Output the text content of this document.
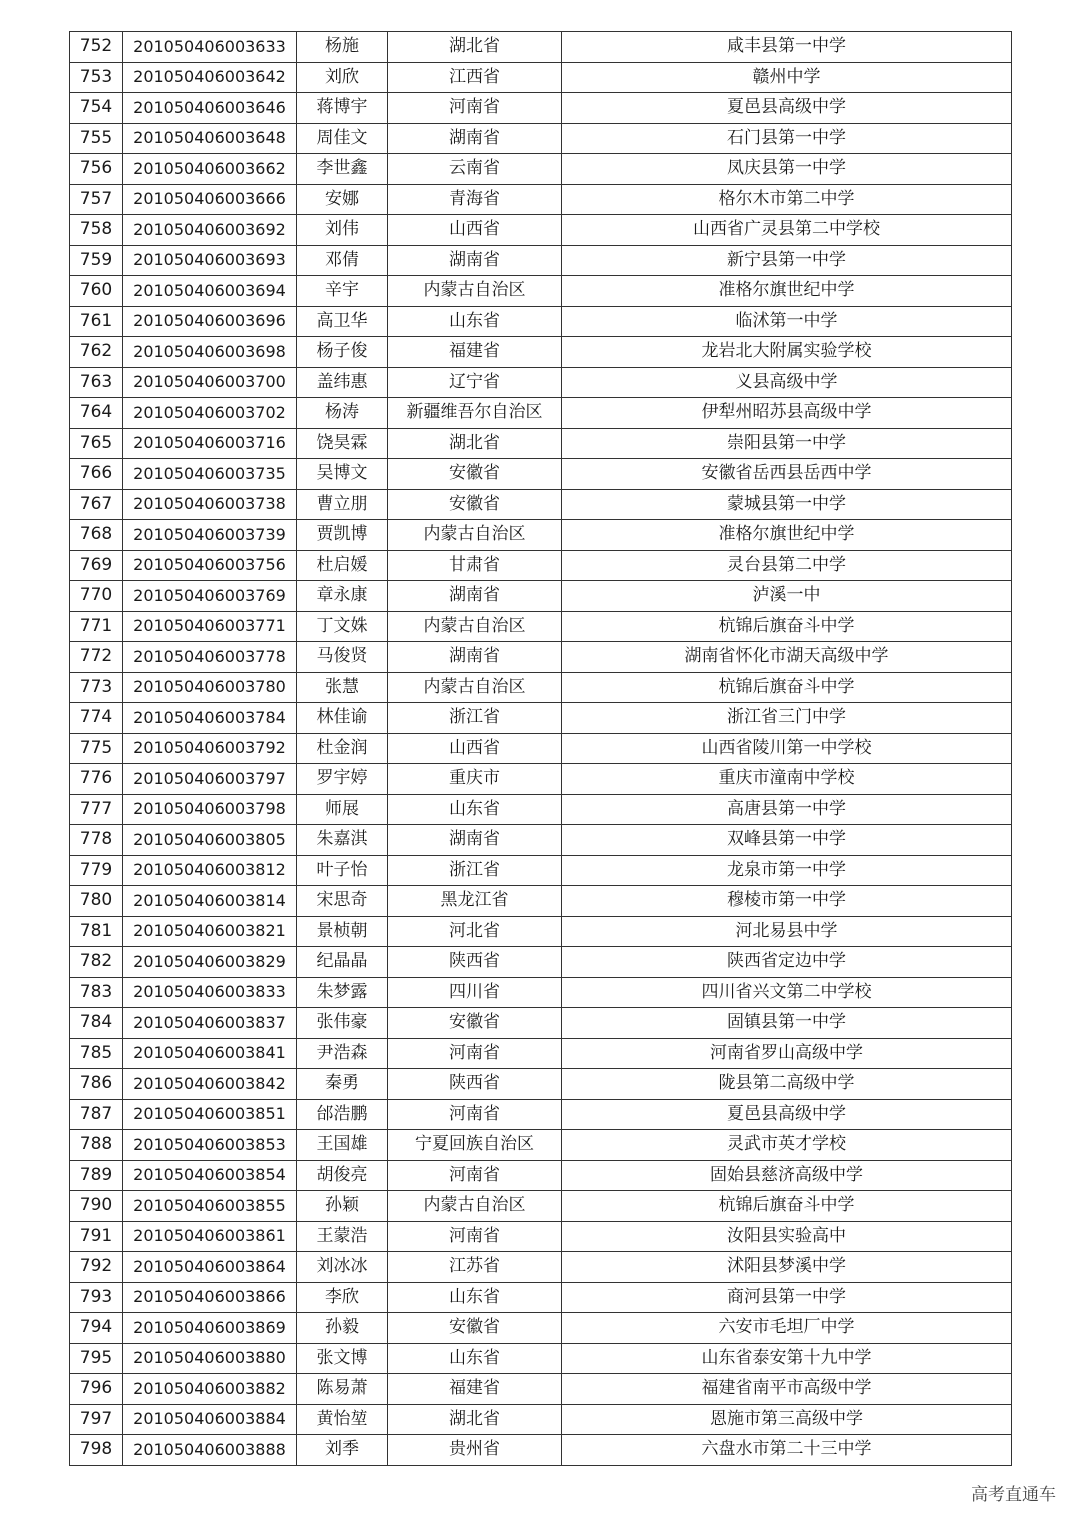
752	201050406003633	杨施	湖北省	咸丰县第一中学
753	201050406003642	刘欣	江西省	赣州中学
754	201050406003646	蒋博宇	河南省	夏邑县高级中学
755	201050406003648	周佳文	湖南省	石门县第一中学
756	201050406003662	李世鑫	云南省	凤庆县第一中学
757	201050406003666	安娜	青海省	格尔木市第二中学
758	201050406003692	刘伟	山西省	山西省广灵县第二中学校
759	201050406003693	邓倩	湖南省	新宁县第一中学
760	201050406003694	辛宇	内蒙古自治区	准格尔旗世纪中学
761	201050406003696	高卫华	山东省	临沭第一中学
762	201050406003698	杨子俊	福建省	龙岩北大附属实验学校
763	201050406003700	盖纬惠	辽宁省	义县高级中学
764	201050406003702	杨涛	新疆维吾尔自治区	伊犁州昭苏县高级中学
765	201050406003716	饶昊霖	湖北省	崇阳县第一中学
766	201050406003735	吴博文	安徽省	安徽省岳西县岳西中学
767	201050406003738	曹立朋	安徽省	蒙城县第一中学
768	201050406003739	贾凯博	内蒙古自治区	准格尔旗世纪中学
769	201050406003756	杜启媛	甘肃省	灵台县第二中学
770	201050406003769	章永康	湖南省	泸溪一中
771	201050406003771	丁文姝	内蒙古自治区	杭锦后旗奋斗中学
772	201050406003778	马俊贤	湖南省	湖南省怀化市湖天高级中学
773	201050406003780	张慧	内蒙古自治区	杭锦后旗奋斗中学
774	201050406003784	林佳谕	浙江省	浙江省三门中学
775	201050406003792	杜金润	山西省	山西省陵川第一中学校
776	201050406003797	罗宇婷	重庆市	重庆市潼南中学校
777	201050406003798	师展	山东省	高唐县第一中学
778	201050406003805	朱嘉淇	湖南省	双峰县第一中学
779	201050406003812	叶子怡	浙江省	龙泉市第一中学
780	201050406003814	宋思奇	黑龙江省	穆棱市第一中学
781	201050406003821	景桢朝	河北省	河北易县中学
782	201050406003829	纪晶晶	陕西省	陕西省定边中学
783	201050406003833	朱梦露	四川省	四川省兴文第二中学校
784	201050406003837	张伟豪	安徽省	固镇县第一中学
785	201050406003841	尹浩森	河南省	河南省罗山高级中学
786	201050406003842	秦勇	陕西省	陇县第二高级中学
787	201050406003851	邰浩鹏	河南省	夏邑县高级中学
788	201050406003853	王国雄	宁夏回族自治区	灵武市英才学校
789	201050406003854	胡俊亮	河南省	固始县慈济高级中学
790	201050406003855	孙颖	内蒙古自治区	杭锦后旗奋斗中学
791	201050406003861	王蒙浩	河南省	汝阳县实验高中
792	201050406003864	刘冰冰	江苏省	沭阳县梦溪中学
793	201050406003866	李欣	山东省	商河县第一中学
794	201050406003869	孙毅	安徽省	六安市毛坦厂中学
795	201050406003880	张文博	山东省	山东省泰安第十九中学
796	201050406003882	陈易萧	福建省	福建省南平市高级中学
797	201050406003884	黄怡堃	湖北省	恩施市第三高级中学
798	201050406003888	刘季	贵州省	六盘水市第二十三中学
高考直通车
